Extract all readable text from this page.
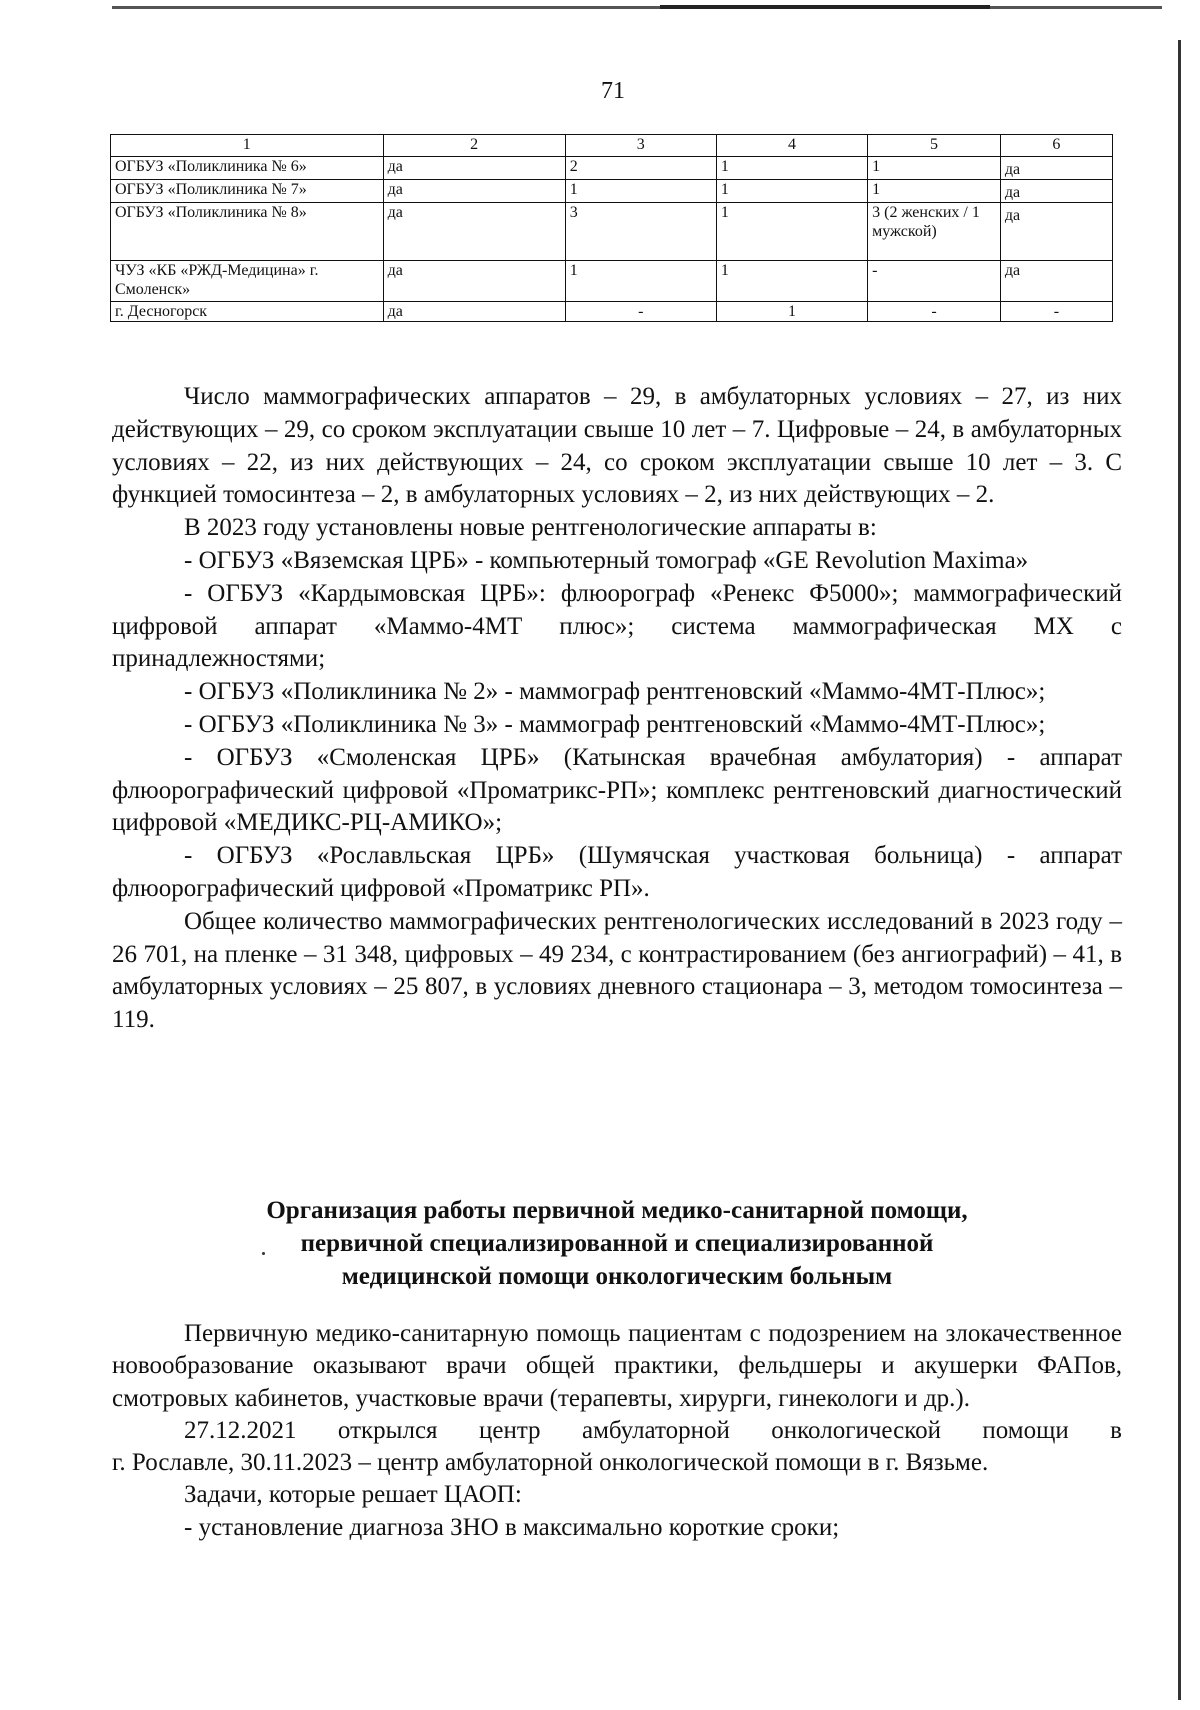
71
1	2	3	4	5	6
ОГБУЗ «Поликлиника № 6»	да	2	1	1	да
ОГБУЗ «Поликлиника № 7»	да	1	1	1	да
ОГБУЗ «Поликлиника № 8»	да	3	1	3 (2 женских / 1 мужской)	да
ЧУЗ «КБ «РЖД-Медицина» г. Смоленск»	да	1	1	-	да
г. Десногорск	да	-	1	-	-

Число маммографических аппаратов – 29, в амбулаторных условиях – 27, из них действующих – 29, со сроком эксплуатации свыше 10 лет – 7. Цифровые – 24, в амбулаторных условиях – 22, из них действующих – 24, со сроком эксплуатации свыше 10 лет – 3. С функцией томосинтеза – 2, в амбулаторных условиях – 2, из них действующих – 2.

В 2023 году установлены новые рентгенологические аппараты в:

- ОГБУЗ «Вяземская ЦРБ» - компьютерный томограф «GE Revolution Maxima»

- ОГБУЗ «Кардымовская ЦРБ»: флюорограф «Ренекс Ф5000»; маммографический цифровой аппарат «Маммо-4МТ плюс»; система маммографическая МХ с принадлежностями;

- ОГБУЗ «Поликлиника № 2» - маммограф рентгеновский «Маммо-4МТ-Плюс»;

- ОГБУЗ «Поликлиника № 3» - маммограф рентгеновский «Маммо-4МТ-Плюс»;

- ОГБУЗ «Смоленская ЦРБ» (Катынская врачебная амбулатория) - аппарат флюорографический цифровой «Проматрикс-РП»; комплекс рентгеновский диагностический цифровой «МЕДИКС-РЦ-АМИКО»;

- ОГБУЗ «Рославльская ЦРБ» (Шумячская участковая больница) - аппарат флюорографический цифровой «Проматрикс РП».

Общее количество маммографических рентгенологических исследований в 2023 году – 26 701, на пленке – 31 348, цифровых – 49 234, с контрастированием (без ангиографий) – 41, в амбулаторных условиях – 25 807, в условиях дневного стационара – 3, методом томосинтеза – 119.

Организация работы первичной медико-санитарной помощи,
первичной специализированной и специализированной
медицинской помощи онкологическим больным

Первичную медико-санитарную помощь пациентам с подозрением на злокачественное новообразование оказывают врачи общей практики, фельдшеры и акушерки ФАПов, смотровых кабинетов, участковые врачи (терапевты, хирурги, гинекологи и др.).

27.12.2021 открылся центр амбулаторной онкологической помощи в

г. Рославле, 30.11.2023 – центр амбулаторной онкологической помощи в г. Вязьме.

Задачи, которые решает ЦАОП:

- установление диагноза ЗНО в максимально короткие сроки;
